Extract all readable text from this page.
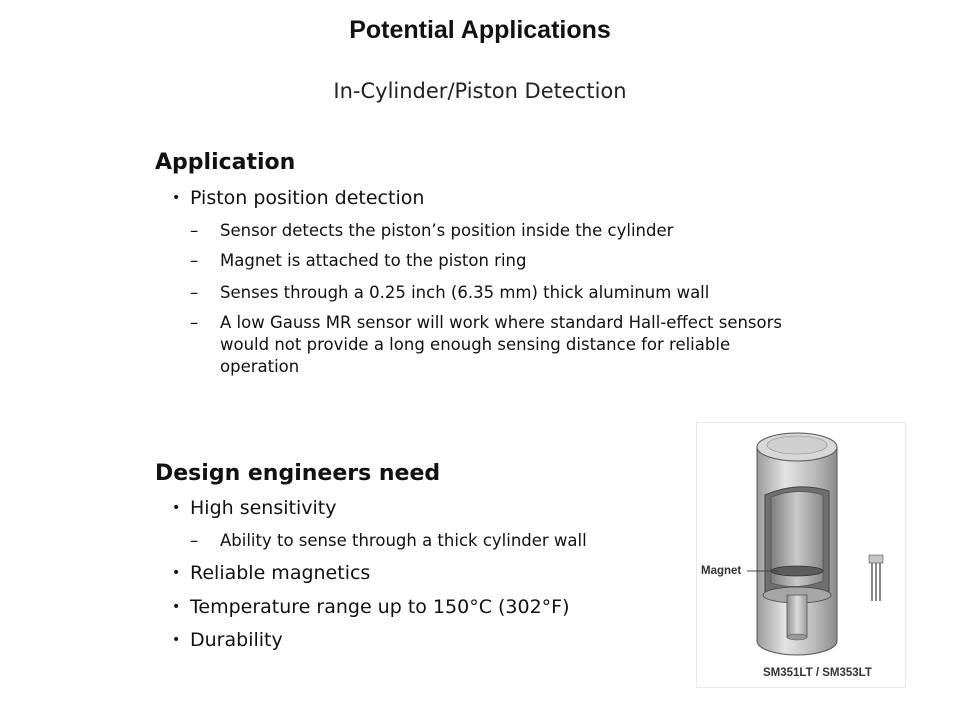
Potential Applications
In-Cylinder/Piston Detection
Application
• Piston position detection
– Sensor detects the piston’s position inside the cylinder
– Magnet is attached to the piston ring
– Senses through a 0.25 inch (6.35 mm) thick aluminum wall
– A low Gauss MR sensor will work where standard Hall-effect sensors would not provide a long enough sensing distance for reliable operation
Design engineers need
• High sensitivity
– Ability to sense through a thick cylinder wall
• Reliable magnetics
• Temperature range up to 150°C (302°F)
• Durability
Magnet
SM351LT / SM353LT
